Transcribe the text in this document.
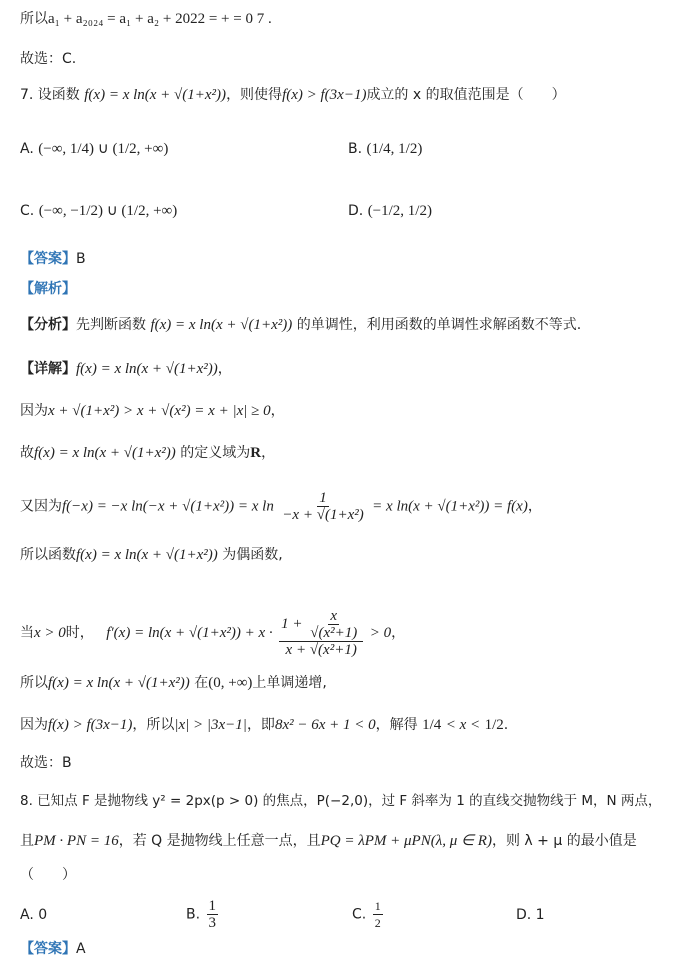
所以a₁ + a₂₀₂₄ = a₁ + a₂ + 2022 = + = 0 7 .
故选：C.
7. 设函数 f(x) = x ln(x + √(1+x²))，则使得f(x) > f(3x−1)成立的 x 的取值范围是（　　）
A. (−∞, 1/4) ∪ (1/2, +∞)	B. (1/4, 1/2)
C. (−∞, −1/2) ∪ (1/2, +∞)	D. (−1/2, 1/2)
【答案】B
【解析】
【分析】先判断函数 f(x) = x ln(x + √(1+x²)) 的单调性，利用函数的单调性求解函数不等式.
【详解】f(x) = x ln(x + √(1+x²))，
因为x + √(1+x²) > x + √(x²) = x + |x| ≥ 0，
故f(x) = x ln(x + √(1+x²)) 的定义域为R，
又因为f(−x) = −x ln(−x + √(1+x²)) = x $\ln \frac{1}{\text{−x + √(1+x²)}} = x$ ln(x + √(1+x²)) = f(x)，
所以函数f(x) = x ln(x + √(1+x²)) 为偶函数,
当x > 0时， $f'(x) = \ln(x + √(1+x^2)) + x \cdot \frac{1 + \frac{x}{\text{√(x²+1)}}}{\text{x + √(x²+1)}} > 0$，
所以f(x) = x ln(x + √(1+x²)) 在(0, +∞)上单调递增,
因为f(x) > f(3x−1)，所以|x| > |3x−1|，即8x² − 6x + 1 < 0，解得 1/4 < x < 1/2.
故选：B
8. 已知点 F 是抛物线 y² = 2px(p > 0) 的焦点，P(−2,0)，过 F 斜率为 1 的直线交抛物线于 M，N 两点，
且PM · PN = 16，若 Q 是抛物线上任意一点，且PQ = λPM + μPN(λ, μ ∈ R)，则 λ + μ 的最小值是
（　　）
A. 0	B. $\frac{1}{3}$	C. $\frac{1}{2}$	D. 1
【答案】A
